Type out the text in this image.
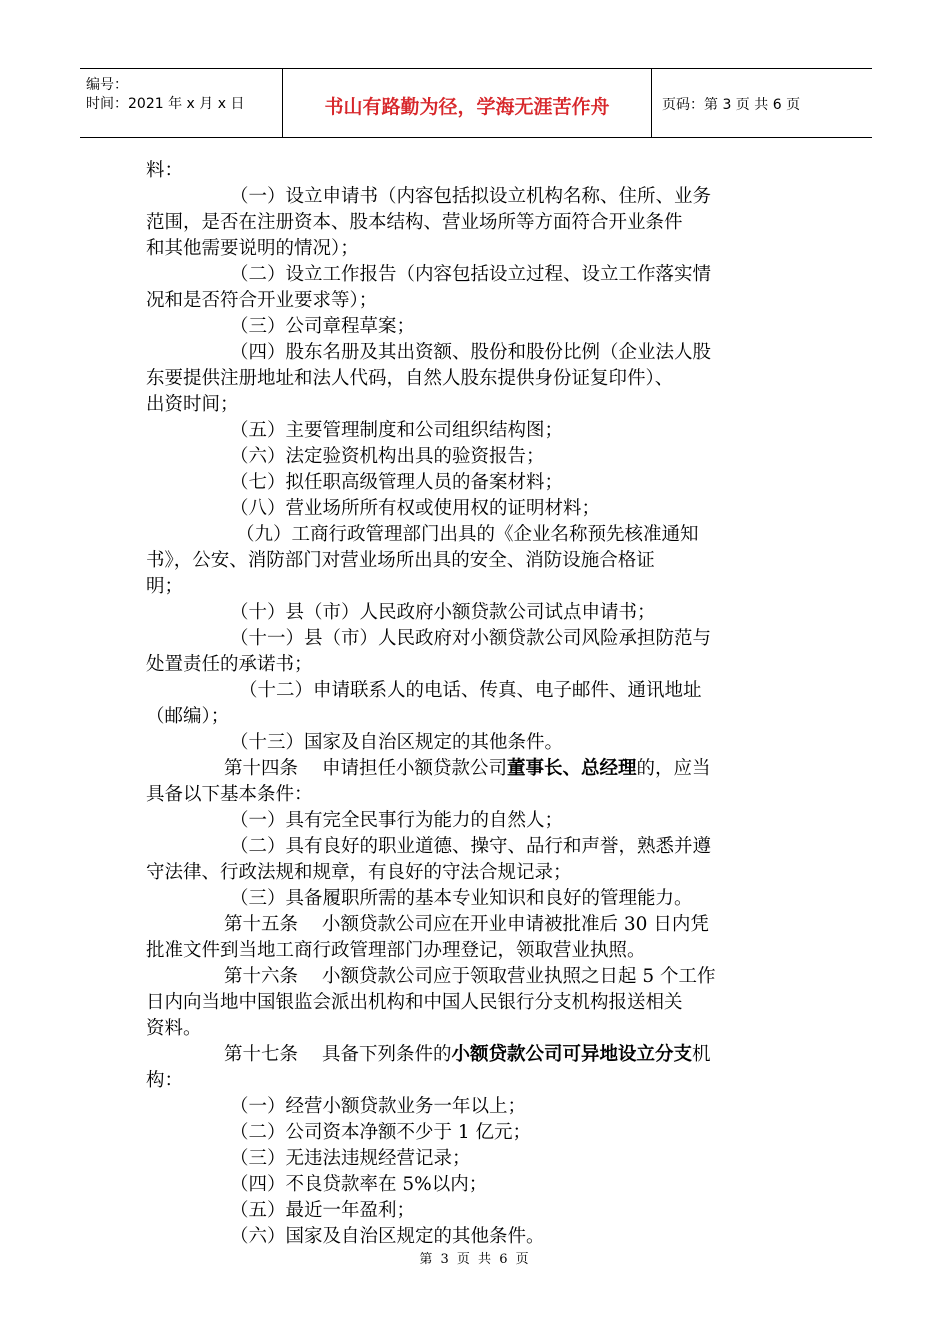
编号：
时间：2021 年 x 月 x 日	书山有路勤为径，学海无涯苦作舟	页码：第 3 页 共 6 页
料：
（一）设立申请书（内容包括拟设立机构名称、住所、业务
范围，是否在注册资本、股本结构、营业场所等方面符合开业条件
和其他需要说明的情况）；
（二）设立工作报告（内容包括设立过程、设立工作落实情
况和是否符合开业要求等）；
（三）公司章程草案；
（四）股东名册及其出资额、股份和股份比例（企业法人股
东要提供注册地址和法人代码，自然人股东提供身份证复印件）、
出资时间；
（五）主要管理制度和公司组织结构图；
（六）法定验资机构出具的验资报告；
（七）拟任职高级管理人员的备案材料；
（八）营业场所所有权或使用权的证明材料；
（九）工商行政管理部门出具的《企业名称预先核准通知
书》，公安、消防部门对营业场所出具的安全、消防设施合格证
明；
（十）县（市）人民政府小额贷款公司试点申请书；
（十一）县（市）人民政府对小额贷款公司风险承担防范与
处置责任的承诺书；
（十二）申请联系人的电话、传真、电子邮件、通讯地址
（邮编）；
（十三）国家及自治区规定的其他条件。
第十四条 申请担任小额贷款公司董事长、总经理的，应当
具备以下基本条件：
（一）具有完全民事行为能力的自然人；
（二）具有良好的职业道德、操守、品行和声誉，熟悉并遵
守法律、行政法规和规章，有良好的守法合规记录；
（三）具备履职所需的基本专业知识和良好的管理能力。
第十五条 小额贷款公司应在开业申请被批准后 30 日内凭
批准文件到当地工商行政管理部门办理登记，领取营业执照。
第十六条 小额贷款公司应于领取营业执照之日起 5 个工作
日内向当地中国银监会派出机构和中国人民银行分支机构报送相关
资料。
第十七条 具备下列条件的小额贷款公司可异地设立分支机
构：
（一）经营小额贷款业务一年以上；
（二）公司资本净额不少于 1 亿元；
（三）无违法违规经营记录；
（四）不良贷款率在 5%以内；
（五）最近一年盈利；
（六）国家及自治区规定的其他条件。
第 3 页 共 6 页
